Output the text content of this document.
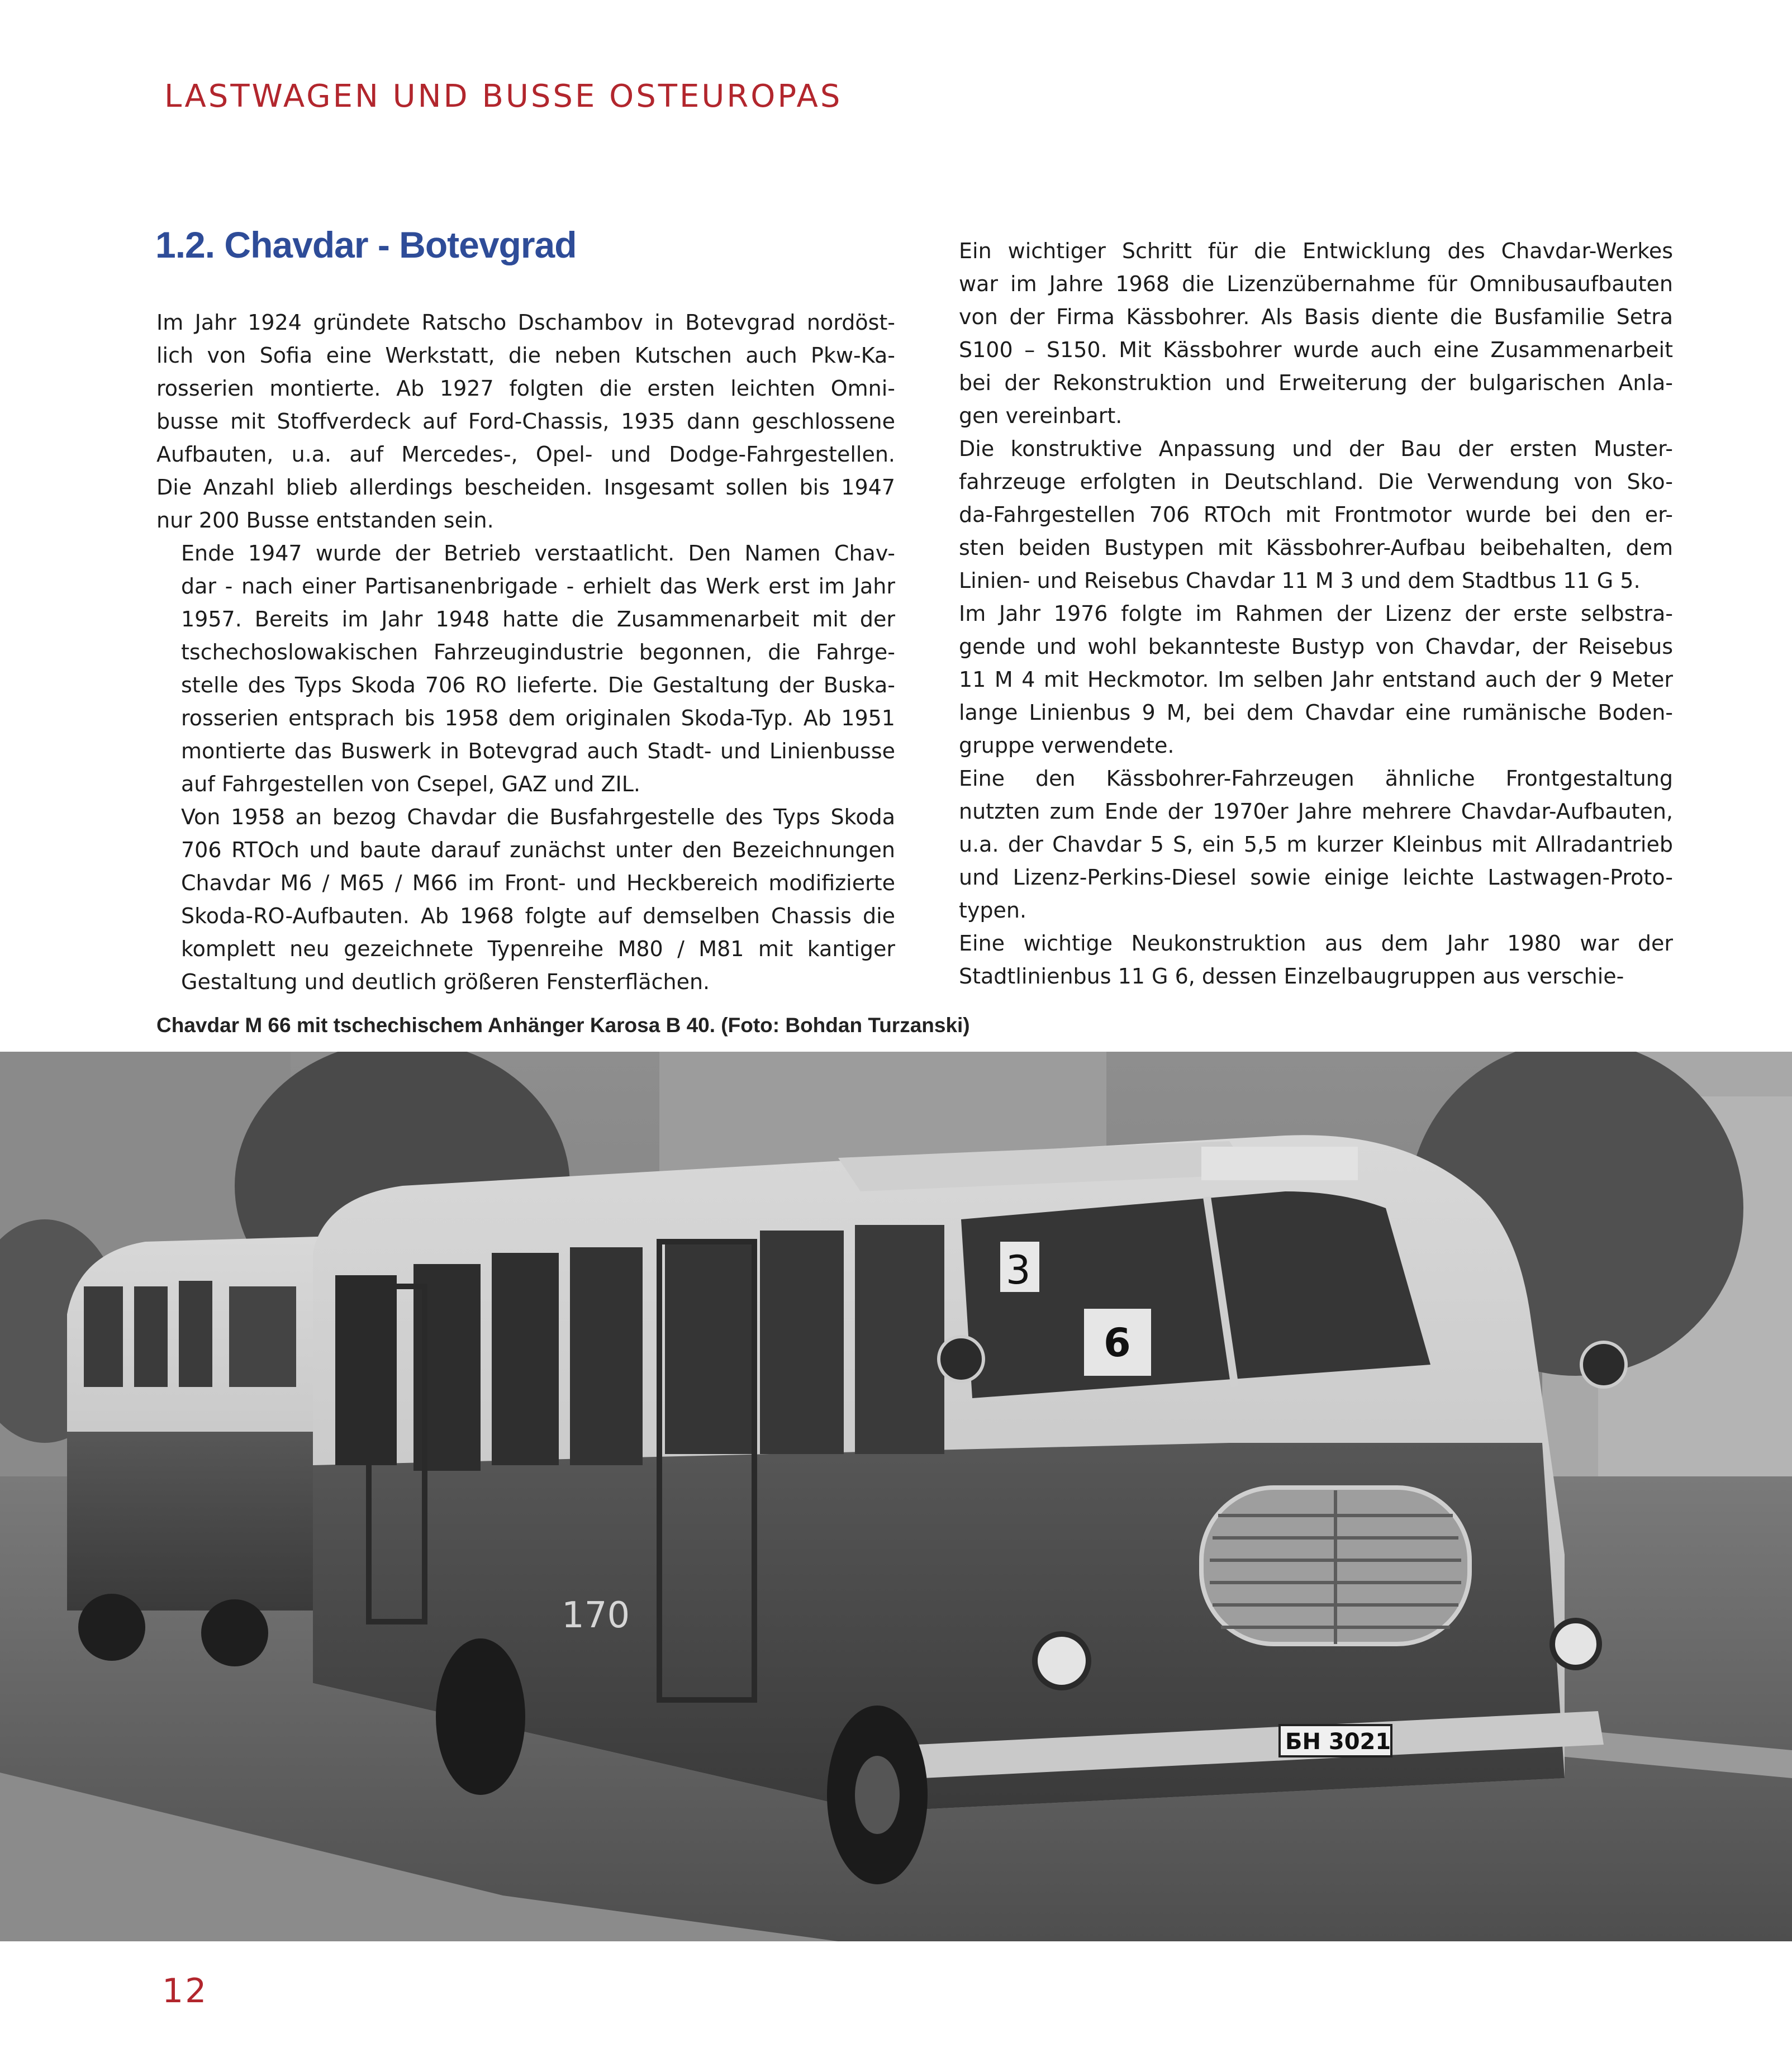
LASTWAGEN UND BUSSE OSTEUROPAS
1.2. Chavdar - Botevgrad

Im Jahr 1924 gründete Ratscho Dschambov in Botevgrad nordöst-
lich von Sofia eine Werkstatt, die neben Kutschen auch Pkw-Ka-
rosserien montierte. Ab 1927 folgten die ersten leichten Omni-
busse mit Stoffverdeck auf Ford-Chassis, 1935 dann geschlossene
Aufbauten, u.a. auf Mercedes-, Opel- und Dodge-Fahrgestellen.
Die Anzahl blieb allerdings bescheiden. Insgesamt sollen bis 1947
nur 200 Busse entstanden sein.

Ende 1947 wurde der Betrieb verstaatlicht. Den Namen Chav-
dar - nach einer Partisanenbrigade - erhielt das Werk erst im Jahr
1957. Bereits im Jahr 1948 hatte die Zusammenarbeit mit der
tschechoslowakischen Fahrzeugindustrie begonnen, die Fahrge-
stelle des Typs Skoda 706 RO lieferte. Die Gestaltung der Buska-
rosserien entsprach bis 1958 dem originalen Skoda-Typ. Ab 1951
montierte das Buswerk in Botevgrad auch Stadt- und Linienbusse
auf Fahrgestellen von Csepel, GAZ und ZIL.

Von 1958 an bezog Chavdar die Busfahrgestelle des Typs Skoda
706 RTOch und baute darauf zunächst unter den Bezeichnungen
Chavdar M6 / M65 / M66 im Front- und Heckbereich modifizierte
Skoda-RO-Aufbauten. Ab 1968 folgte auf demselben Chassis die
komplett neu gezeichnete Typenreihe M80 / M81 mit kantiger
Gestaltung und deutlich größeren Fensterflächen.

Ein wichtiger Schritt für die Entwicklung des Chavdar-Werkes
war im Jahre 1968 die Lizenzübernahme für Omnibusaufbauten
von der Firma Kässbohrer. Als Basis diente die Busfamilie Setra
S100 – S150. Mit Kässbohrer wurde auch eine Zusammenarbeit
bei der Rekonstruktion und Erweiterung der bulgarischen Anla-
gen vereinbart.

Die konstruktive Anpassung und der Bau der ersten Muster-
fahrzeuge erfolgten in Deutschland. Die Verwendung von Sko-
da-Fahrgestellen 706 RTOch mit Frontmotor wurde bei den er-
sten beiden Bustypen mit Kässbohrer-Aufbau beibehalten, dem
Linien- und Reisebus Chavdar 11 M 3 und dem Stadtbus 11 G 5.

Im Jahr 1976 folgte im Rahmen der Lizenz der erste selbstra-
gende und wohl bekannteste Bustyp von Chavdar, der Reisebus
11 M 4 mit Heckmotor. Im selben Jahr entstand auch der 9 Meter
lange Linienbus 9 M, bei dem Chavdar eine rumänische Boden-
gruppe verwendete.

Eine den Kässbohrer-Fahrzeugen ähnliche Frontgestaltung
nutzten zum Ende der 1970er Jahre mehrere Chavdar-Aufbauten,
u.a. der Chavdar 5 S, ein 5,5 m kurzer Kleinbus mit Allradantrieb
und Lizenz-Perkins-Diesel sowie einige leichte Lastwagen-Proto-
typen.

Eine wichtige Neukonstruktion aus dem Jahr 1980 war der
Stadtlinienbus 11 G 6, dessen Einzelbaugruppen aus verschie-

Chavdar M 66 mit tschechischem Anhänger Karosa B 40. (Foto: Bohdan Turzanski)
3
6
170
БН 3021
12
